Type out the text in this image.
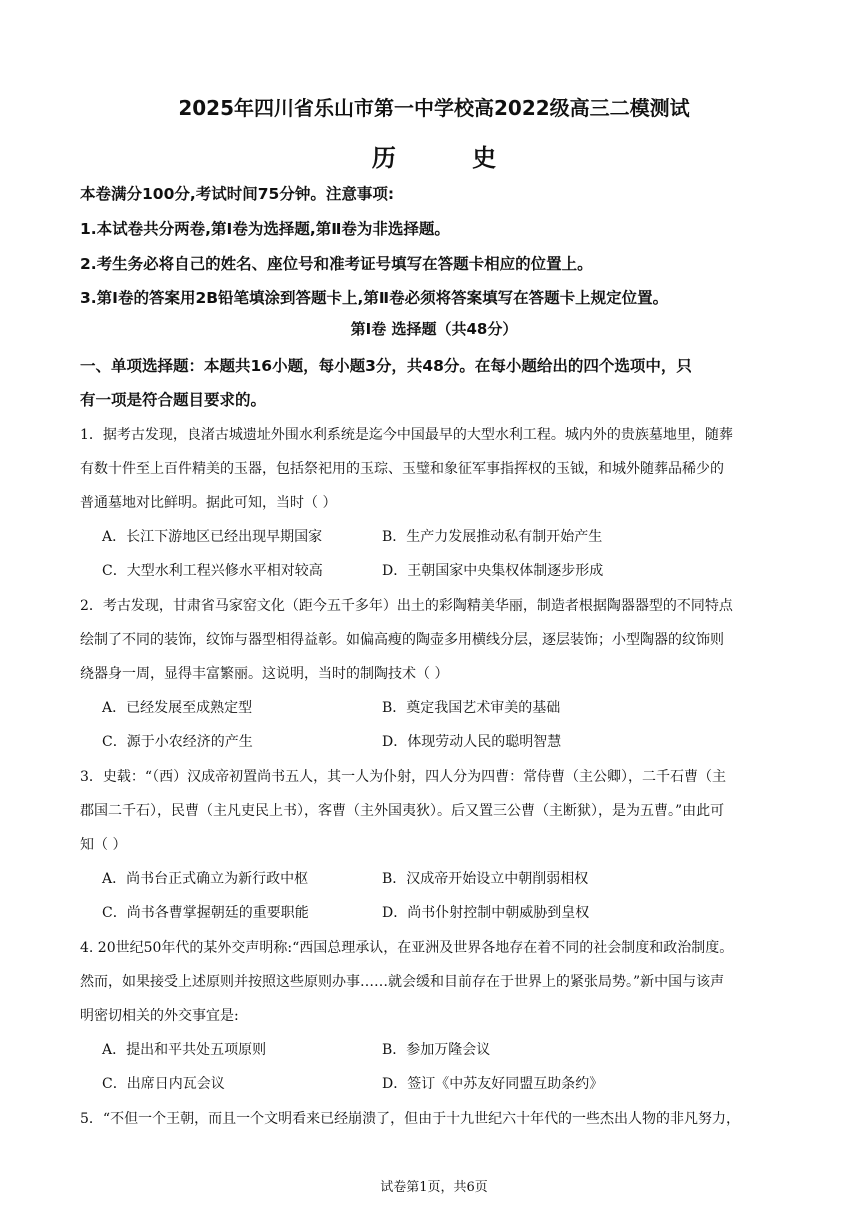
2025年四川省乐山市第一中学校高2022级高三二模测试
历 史
本卷满分100分,考试时间75分钟。注意事项:
1.本试卷共分两卷,第Ⅰ卷为选择题,第Ⅱ卷为非选择题。
2.考生务必将自己的姓名、座位号和准考证号填写在答题卡相应的位置上。
3.第Ⅰ卷的答案用2B铅笔填涂到答题卡上,第Ⅱ卷必须将答案填写在答题卡上规定位置。
第Ⅰ卷 选择题（共48分）
一、单项选择题：本题共16小题，每小题3分，共48分。在每小题给出的四个选项中，只
有一项是符合题目要求的。
1．据考古发现，良渚古城遗址外围水利系统是迄今中国最早的大型水利工程。城内外的贵族墓地里，随葬
有数十件至上百件精美的玉器，包括祭祀用的玉琮、玉璧和象征军事指挥权的玉钺，和城外随葬品稀少的
普通墓地对比鲜明。据此可知，当时（ ）
A．长江下游地区已经出现早期国家	B．生产力发展推动私有制开始产生
C．大型水利工程兴修水平相对较高	D．王朝国家中央集权体制逐步形成
2．考古发现，甘肃省马家窑文化（距今五千多年）出土的彩陶精美华丽，制造者根据陶器器型的不同特点
绘制了不同的装饰，纹饰与器型相得益彰。如偏高瘦的陶壶多用横线分层，逐层装饰；小型陶器的纹饰则
绕器身一周，显得丰富繁丽。这说明，当时的制陶技术（ ）
A．已经发展至成熟定型	B．奠定我国艺术审美的基础
C．源于小农经济的产生	D．体现劳动人民的聪明智慧
3．史载：“（西）汉成帝初置尚书五人，其一人为仆射，四人分为四曹：常侍曹（主公卿），二千石曹（主
郡国二千石），民曹（主凡吏民上书），客曹（主外国夷狄）。后又置三公曹（主断狱），是为五曹。”由此可
知（ ）
A．尚书台正式确立为新行政中枢	B．汉成帝开始设立中朝削弱相权
C．尚书各曹掌握朝廷的重要职能	D．尚书仆射控制中朝威胁到皇权
4. 20世纪50年代的某外交声明称:“西国总理承认，在亚洲及世界各地存在着不同的社会制度和政治制度。
然而，如果接受上述原则并按照这些原则办事……就会缓和目前存在于世界上的紧张局势。”新中国与该声
明密切相关的外交事宜是:
A．提出和平共处五项原则	B．参加万隆会议
C．出席日内瓦会议	D．签订《中苏友好同盟互助条约》
5．“不但一个王朝，而且一个文明看来已经崩溃了，但由于十九世纪六十年代的一些杰出人物的非凡努力，
试卷第1页，共6页
